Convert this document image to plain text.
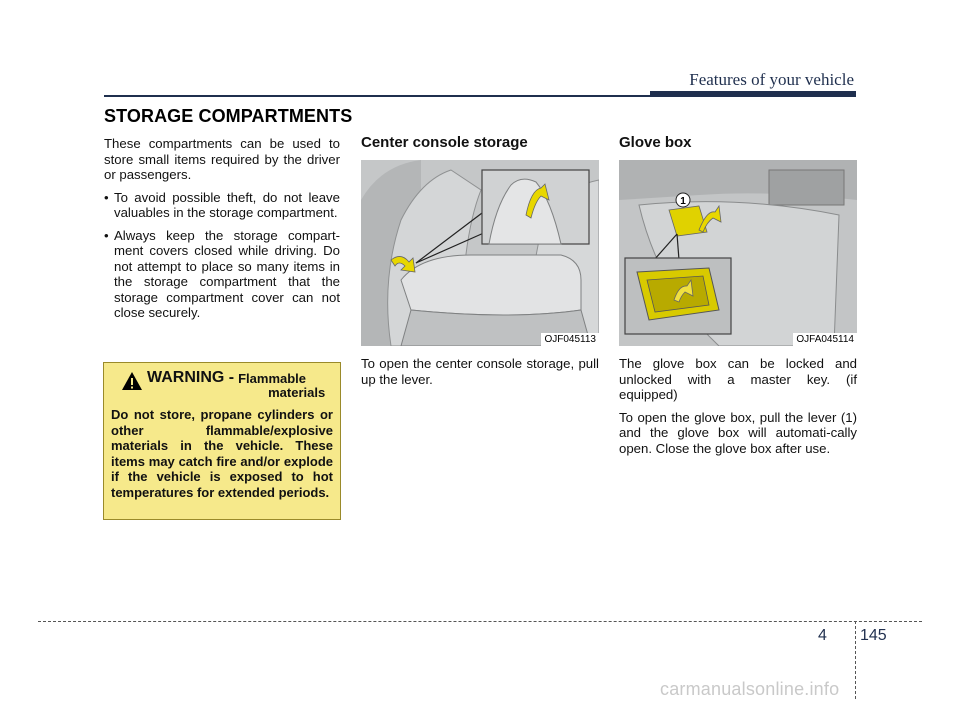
Features of your vehicle
STORAGE COMPARTMENTS

These compartments can be used to store small items required by the driver or passengers.

• To avoid possible theft, do not leave valuables in the storage compartment.
• Always keep the storage compart-ment covers closed while driving. Do not attempt to place so many items in the storage compartment that the storage compartment cover can not close securely.
WARNING - Flammable
materials
Do not store, propane cylinders or other flammable/explosive materials in the vehicle. These items may catch fire and/or explode if the vehicle is exposed to hot temperatures for extended periods.
Center console storage
OJF045113
To open the center console storage, pull up the lever.
Glove box
1
OJFA045114

The glove box can be locked and unlocked with a master key. (if equipped)

To open the glove box, pull the lever (1) and the glove box will automati-cally open. Close the glove box after use.

4 145
carmanualsonline.info
